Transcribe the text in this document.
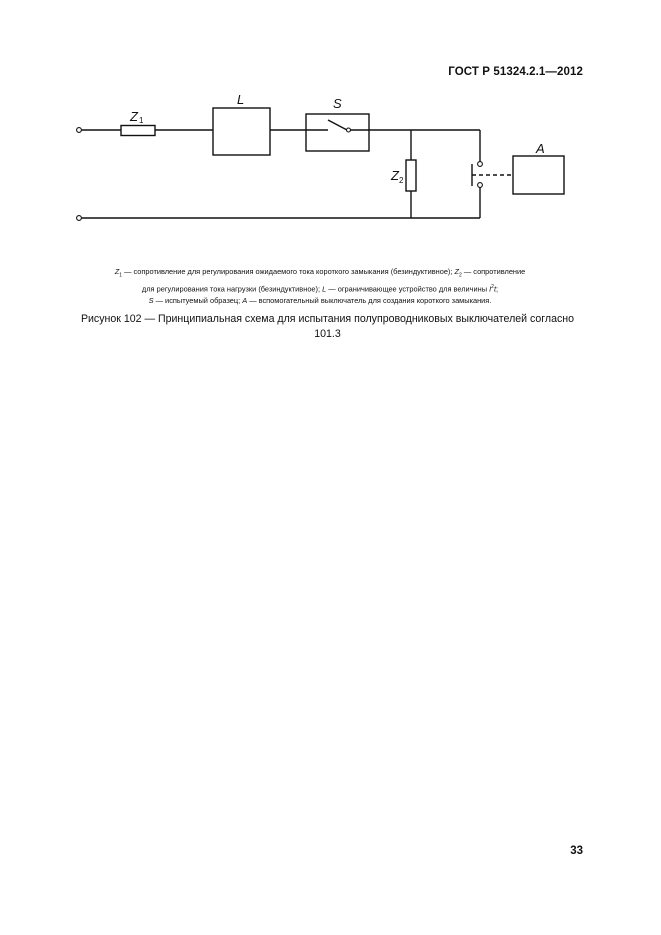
ГОСТ Р 51324.2.1—2012
Z1
L	S
$Z_2$
A
$Z_1$ — сопротивление для регулирования ожидаемого тока короткого замыкания (безиндуктивное); $Z_2$ — сопротивление
для регулирования тока нагрузки (безиндуктивное); L — ограничивающее устройство для величины $I^2t$;
S — испытуемый образец; A — вспомогательный выключатель для создания короткого замыкания.
Рисунок 102 — Принципиальная схема для испытания полупроводниковых выключателей согласно
101.3
33
